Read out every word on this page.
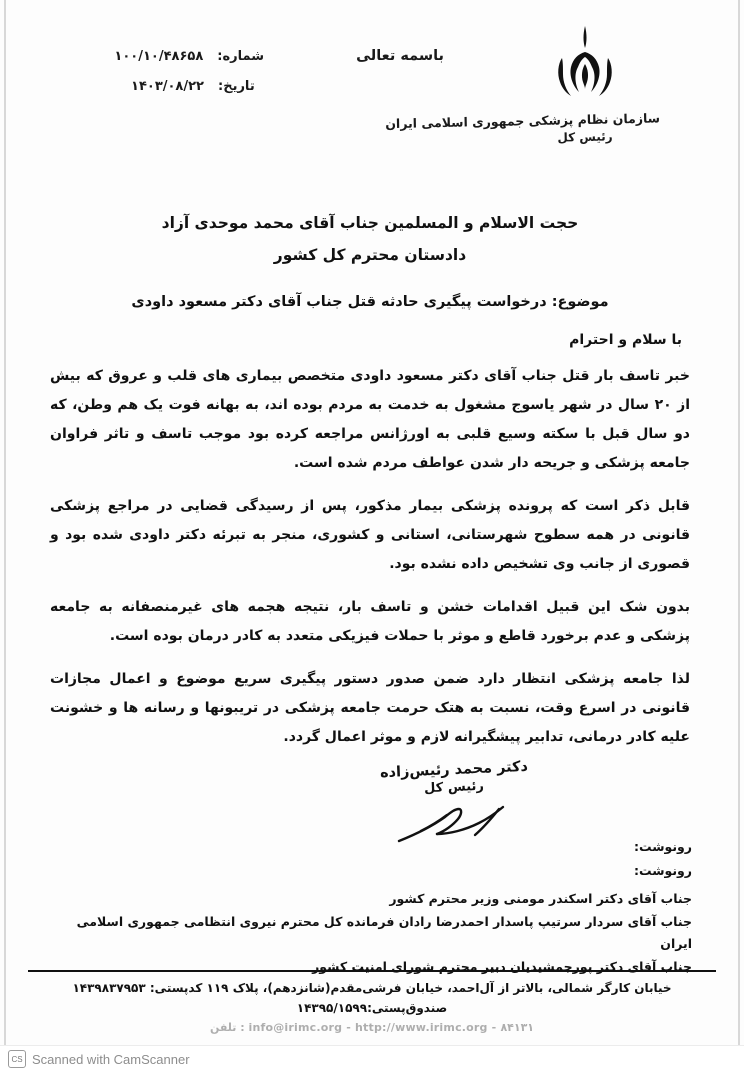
سازمان نظام پزشکی جمهوری اسلامی ایران
رئیس کل
باسمه تعالی
شماره:
۱۰۰/۱۰/۴۸۶۵۸
تاریخ:
۱۴۰۳/۰۸/۲۲
حجت الاسلام و المسلمین جناب آقای محمد موحدی آزاد
دادستان محترم کل کشور
موضوع: درخواست پیگیری حادثه قتل جناب آقای دکتر مسعود داودی
با سلام و احترام

خبر تاسف بار قتل جناب آقای دکتر مسعود داودی متخصص بیماری های قلب و عروق که بیش از ۲۰ سال در شهر یاسوج مشغول به خدمت به مردم بوده اند، به بهانه فوت یک هم وطن، که دو سال قبل با سکته وسیع قلبی به اورژانس مراجعه کرده بود موجب تاسف و تاثر فراوان جامعه پزشکی و جریحه دار شدن عواطف مردم شده است.

قابل ذکر است که پرونده پزشکی بیمار مذکور، پس از رسیدگی قضایی در مراجع پزشکی قانونی در همه سطوح شهرستانی، استانی و کشوری، منجر به تبرئه دکتر داودی شده بود و قصوری از جانب وی تشخیص داده نشده بود.

بدون شک این قبیل اقدامات خشن و تاسف بار، نتیجه هجمه های غیرمنصفانه به جامعه پزشکی و عدم برخورد قاطع و موثر با حملات فیزیکی متعدد به کادر درمان بوده است.

لذا جامعه پزشکی انتظار دارد ضمن صدور دستور پیگیری سریع موضوع و اعمال مجازات قانونی در اسرع وقت، نسبت به هتک حرمت جامعه پزشکی در تریبونها و رسانه ها و خشونت علیه کادر درمانی، تدابیر پیشگیرانه لازم و موثر اعمال گردد.

دکتر محمد رئیس‌زاده
رئیس کل
رونوشت:
رونوشت:
جناب آقای دکتر اسکندر مومنی وزیر محترم کشور
جناب آقای سردار سرتیپ پاسدار احمدرضا رادان فرمانده کل محترم نیروی انتظامی جمهوری اسلامی ایران
جناب آقای دکتر پورجمشیدیان دبیر محترم شورای امنیت کشور
خیابان کارگر شمالی، بالاتر از آل‌احمد، خیابان فرشی‌مقدم(شانزدهم)، پلاک ۱۱۹ کدپستی: ۱۴۳۹۸۳۷۹۵۳ صندوق‌پستی:۱۴۳۹۵/۱۵۹۹
info@irimc.org - http://www.irimc.org - ۸۴۱۳۱ : تلفن
CS Scanned with CamScanner
